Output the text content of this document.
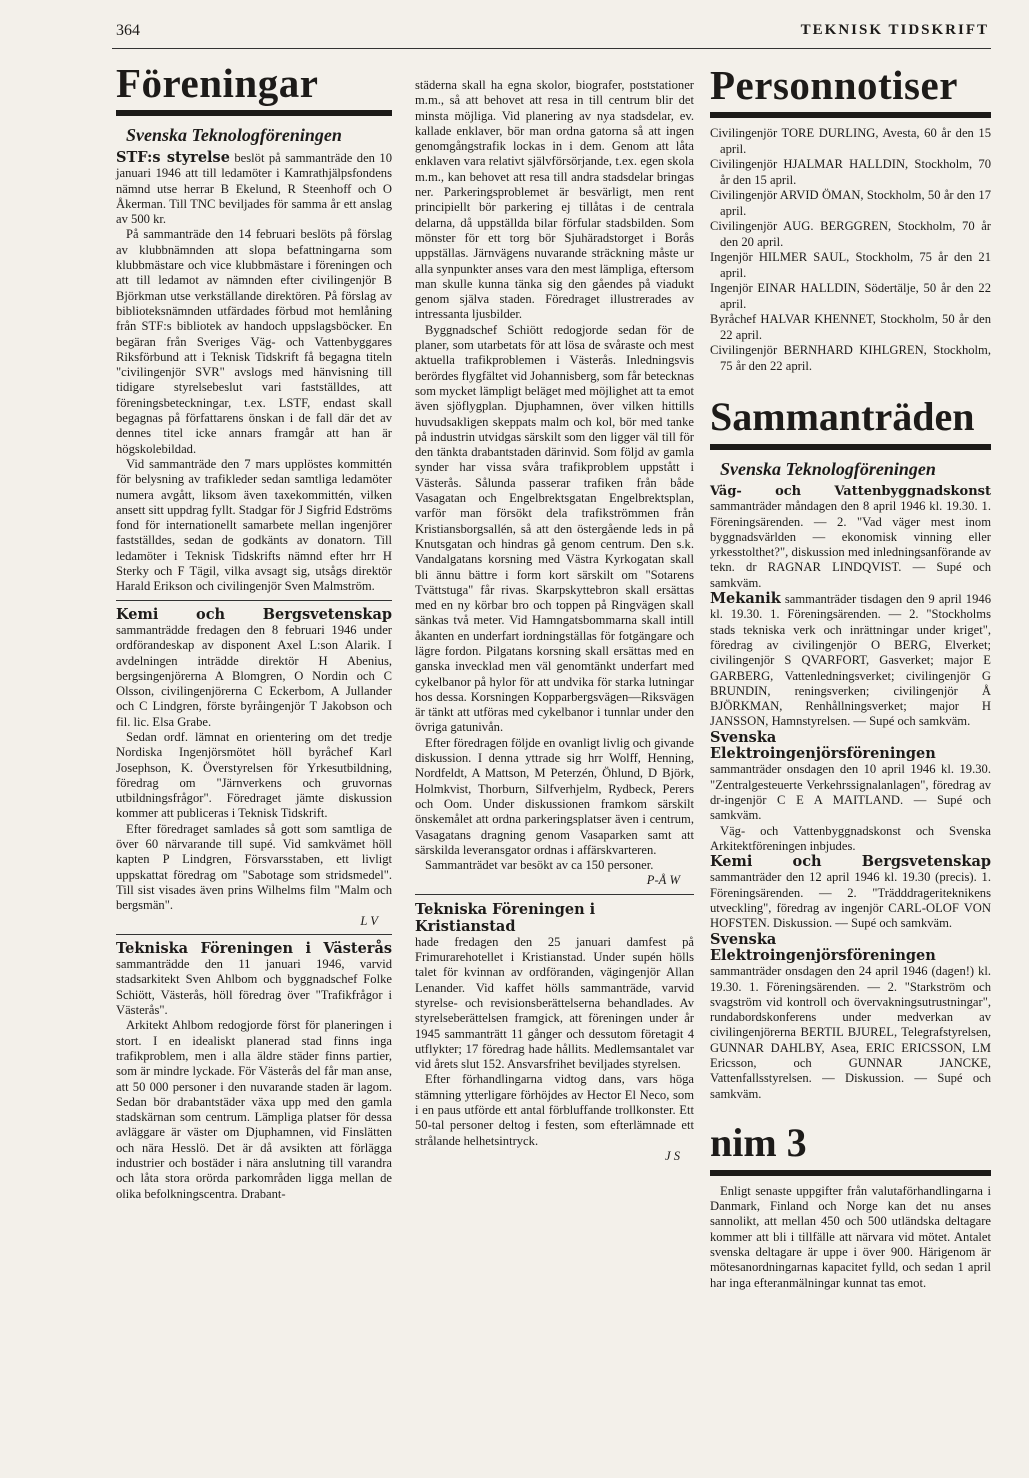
364	TEKNISK TIDSKRIFT
Föreningar
Svenska Teknologföreningen

STF:s styrelse beslöt på sammanträde den 10 januari 1946 att till ledamöter i Kamrathjälpsfondens nämnd utse herrar B Ekelund, R Steenhoff och O Åkerman. Till TNC beviljades för samma år ett anslag av 500 kr.

På sammanträde den 14 februari beslöts på förslag av klubbnämnden att slopa befattningarna som klubbmästare och vice klubbmästare i föreningen och att till ledamot av nämnden efter civilingenjör B Björkman utse verkställande direktören. På förslag av biblioteksnämnden utfärdades förbud mot hemlåning från STF:s bibliotek av handoch uppslagsböcker. En begäran från Sveriges Väg- och Vattenbyggares Riksförbund att i Teknisk Tidskrift få begagna titeln "civilingenjör SVR" avslogs med hänvisning till tidigare styrelsebeslut vari fastställdes, att föreningsbeteckningar, t.ex. LSTF, endast skall begagnas på författarens önskan i de fall där det av dennes titel icke annars framgår att han är högskolebildad.

Vid sammanträde den 7 mars upplöstes kommittén för belysning av trafikleder sedan samtliga ledamöter numera avgått, liksom även taxekommittén, vilken ansett sitt uppdrag fyllt. Stadgar för J Sigfrid Edströms fond för internationellt samarbete mellan ingenjörer fastställdes, sedan de godkänts av donatorn. Till ledamöter i Teknisk Tidskrifts nämnd efter hrr H Sterky och F Tägil, vilka avsagt sig, utsågs direktör Harald Erikson och civilingenjör Sven Malmström.

Kemi och Bergsvetenskap sammanträdde fredagen den 8 februari 1946 under ordförandeskap av disponent Axel L:son Alarik. I avdelningen inträdde direktör H Abenius, bergsingenjörerna A Blomgren, O Nordin och C Olsson, civilingenjörerna C Eckerbom, A Jullander och C Lindgren, förste byråingenjör T Jakobson och fil. lic. Elsa Grabe.

Sedan ordf. lämnat en orientering om det tredje Nordiska Ingenjörsmötet höll byråchef Karl Josephson, K. Överstyrelsen för Yrkesutbildning, föredrag om "Järnverkens och gruvornas utbildningsfrågor". Föredraget jämte diskussion kommer att publiceras i Teknisk Tidskrift.

Efter föredraget samlades så gott som samtliga de över 60 närvarande till supé. Vid samkvämet höll kapten P Lindgren, Försvarsstaben, ett livligt uppskattat föredrag om "Sabotage som stridsmedel". Till sist visades även prins Wilhelms film "Malm och bergsmän".

L V

Tekniska Föreningen i Västerås sammanträdde den 11 januari 1946, varvid stadsarkitekt Sven Ahlbom och byggnadschef Folke Schiött, Västerås, höll föredrag över "Trafikfrågor i Västerås".

Arkitekt Ahlbom redogjorde först för planeringen i stort. I en idealiskt planerad stad finns inga trafikproblem, men i alla äldre städer finns partier, som är mindre lyckade. För Västerås del får man anse, att 50 000 personer i den nuvarande staden är lagom. Sedan bör drabantstäder växa upp med den gamla stadskärnan som centrum. Lämpliga platser för dessa avläggare är väster om Djuphamnen, vid Finslätten och nära Hesslö. Det är då avsikten att förlägga industrier och bostäder i nära anslutning till varandra och låta stora orörda parkområden ligga mellan de olika befolkningscentra. Drabant-

städerna skall ha egna skolor, biografer, poststationer m.m., så att behovet att resa in till centrum blir det minsta möjliga. Vid planering av nya stadsdelar, ev. kallade enklaver, bör man ordna gatorna så att ingen genomgångstrafik lockas in i dem. Genom att låta enklaven vara relativt självförsörjande, t.ex. egen skola m.m., kan behovet att resa till andra stadsdelar bringas ner. Parkeringsproblemet är besvärligt, men rent principiellt bör parkering ej tillåtas i de centrala delarna, då uppställda bilar förfular stadsbilden. Som mönster för ett torg bör Sjuhäradstorget i Borås uppställas. Järnvägens nuvarande sträckning måste ur alla synpunkter anses vara den mest lämpliga, eftersom man skulle kunna tänka sig den gåendes på viadukt genom själva staden. Föredraget illustrerades av intressanta ljusbilder.

Byggnadschef Schiött redogjorde sedan för de planer, som utarbetats för att lösa de svåraste och mest aktuella trafikproblemen i Västerås. Inledningsvis berördes flygfältet vid Johannisberg, som får betecknas som mycket lämpligt beläget med möjlighet att ta emot även sjöflygplan. Djuphamnen, över vilken hittills huvudsakligen skeppats malm och kol, bör med tanke på industrin utvidgas särskilt som den ligger väl till för den tänkta drabantstaden därinvid. Som följd av gamla synder har vissa svåra trafikproblem uppstått i Västerås. Sålunda passerar trafiken från både Vasagatan och Engelbrektsgatan Engelbrektsplan, varför man försökt dela trafikströmmen från Kristiansborgsallén, så att den östergående leds in på Knutsgatan och hindras gå genom centrum. Den s.k. Vandalgatans korsning med Västra Kyrkogatan skall bli ännu bättre i form kort särskilt om "Sotarens Tvättstuga" får rivas. Skarpskyttebron skall ersättas med en ny körbar bro och toppen på Ringvägen skall sänkas två meter. Vid Hamngatsbommarna skall intill åkanten en underfart iordningställas för fotgängare och lägre fordon. Pilgatans korsning skall ersättas med en ganska invecklad men väl genomtänkt underfart med cykelbanor på hylor för att undvika för starka lutningar hos dessa. Korsningen Kopparbergsvägen—Riksvägen är tänkt att utföras med cykelbanor i tunnlar under den övriga gatunivån.

Efter föredragen följde en ovanligt livlig och givande diskussion. I denna yttrade sig hrr Wolff, Henning, Nordfeldt, A Mattson, M Peterzén, Öhlund, D Björk, Holmkvist, Thorburn, Silfverhjelm, Rydbeck, Perers och Oom. Under diskussionen framkom särskilt önskemålet att ordna parkeringsplatser även i centrum, Vasagatans dragning genom Vasaparken samt att särskilda leveransgator ordnas i affärskvarteren.

Sammanträdet var besökt av ca 150 personer.

P-Å W
Tekniska Föreningen i Kristianstad

hade fredagen den 25 januari damfest på Frimurarehotellet i Kristianstad. Under supén hölls talet för kvinnan av ordföranden, vägingenjör Allan Lenander. Vid kaffet hölls sammanträde, varvid styrelse- och revisionsberättelserna behandlades. Av styrelseberättelsen framgick, att föreningen under år 1945 sammanträtt 11 gånger och dessutom företagit 4 utflykter; 17 föredrag hade hållits. Medlemsantalet var vid årets slut 152. Ansvarsfrihet beviljades styrelsen.

Efter förhandlingarna vidtog dans, vars höga stämning ytterligare förhöjdes av Hector El Neco, som i en paus utförde ett antal förbluffande trollkonster. Ett 50-tal personer deltog i festen, som efterlämnade ett strålande helhetsintryck.

J S
Personnotiser
Civilingenjör TORE DURLING, Avesta, 60 år den 15 april.
Civilingenjör HJALMAR HALLDIN, Stockholm, 70 år den 15 april.
Civilingenjör ARVID ÖMAN, Stockholm, 50 år den 17 april.
Civilingenjör AUG. BERGGREN, Stockholm, 70 år den 20 april.
Ingenjör HILMER SAUL, Stockholm, 75 år den 21 april.
Ingenjör EINAR HALLDIN, Södertälje, 50 år den 22 april.
Byråchef HALVAR KHENNET, Stockholm, 50 år den 22 april.
Civilingenjör BERNHARD KIHLGREN, Stockholm, 75 år den 22 april.
Sammanträden
Svenska Teknologföreningen

Väg- och Vattenbyggnadskonst sammanträder måndagen den 8 april 1946 kl. 19.30. 1. Föreningsärenden. — 2. "Vad väger mest inom byggnadsvärlden — ekonomisk vinning eller yrkesstolthet?", diskussion med inledningsanförande av tekn. dr RAGNAR LINDQVIST. — Supé och samkväm.

Mekanik sammanträder tisdagen den 9 april 1946 kl. 19.30. 1. Föreningsärenden. — 2. "Stockholms stads tekniska verk och inrättningar under kriget", föredrag av civilingenjör O BERG, Elverket; civilingenjör S QVARFORT, Gasverket; major E GARBERG, Vattenledningsverket; civilingenjör G BRUNDIN, reningsverken; civilingenjör Å BJÖRKMAN, Renhållningsverket; major H JANSSON, Hamnstyrelsen. — Supé och samkväm.

Svenska Elektroingenjörsföreningen sammanträder onsdagen den 10 april 1946 kl. 19.30. "Zentralgesteuerte Verkehrssignalanlagen", föredrag av dr-ingenjör C E A MAITLAND. — Supé och samkväm.

Väg- och Vattenbyggnadskonst och Svenska Arkitektföreningen inbjudes.

Kemi och Bergsvetenskap sammanträder den 12 april 1946 kl. 19.30 (precis). 1. Föreningsärenden. — 2. "Trädddrageriteknikens utveckling", föredrag av ingenjör CARL-OLOF VON HOFSTEN. Diskussion. — Supé och samkväm.

Svenska Elektroingenjörsföreningen sammanträder onsdagen den 24 april 1946 (dagen!) kl. 19.30. 1. Föreningsärenden. — 2. "Starkström och svagström vid kontroll och övervakningsutrustningar", rundabordskonferens under medverkan av civilingenjörerna BERTIL BJUREL, Telegrafstyrelsen, GUNNAR DAHLBY, Asea, ERIC ERICSSON, LM Ericsson, och GUNNAR JANCKE, Vattenfallsstyrelsen. — Diskussion. — Supé och samkväm.

nim 3

Enligt senaste uppgifter från valutaförhandlingarna i Danmark, Finland och Norge kan det nu anses sannolikt, att mellan 450 och 500 utländska deltagare kommer att bli i tillfälle att närvara vid mötet. Antalet svenska deltagare är uppe i över 900. Härigenom är mötesanordningarnas kapacitet fylld, och sedan 1 april har inga efteranmälningar kunnat tas emot.
